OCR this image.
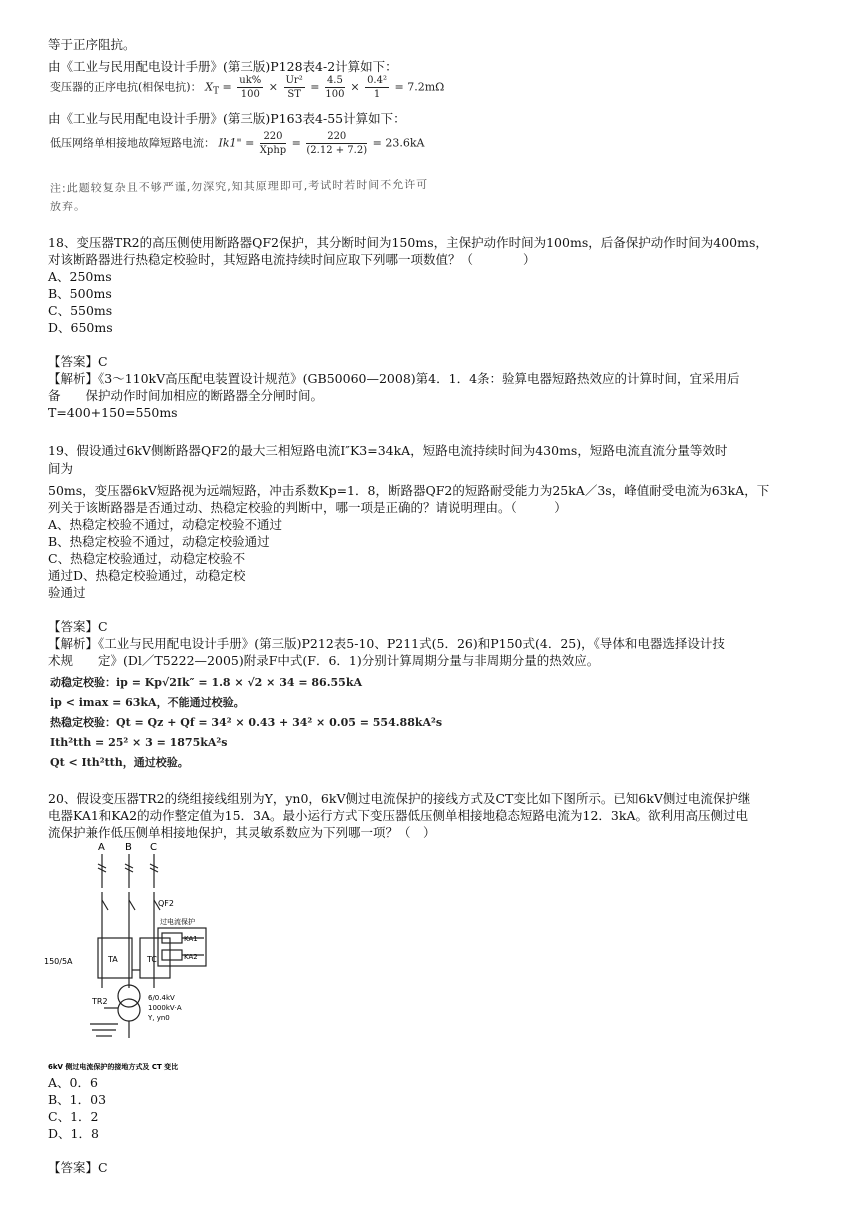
等于正序阻抗。
由《工业与民用配电设计手册》(第三版)P128表4-2计算如下：
变压器的正序电抗(相保电抗)： $X_T = \frac{uk\%}{100} \times \frac{\text{Ur²}}{ST} = \frac{4.5}{100} \times \frac{\text{0.4²}}{1} = 7.2m\Omega$
由《工业与民用配电设计手册》(第三版)P163表4-55计算如下：
低压网络单相接地故障短路电流： Ik1" = $\frac{220}{\text{Xphp}} = \frac{220}{(2.12 + 7.2)} = 23.6kA$
注:此题较复杂且不够严谨,勿深究,知其原理即可,考试时若时间不允许可
放弃。
18、变压器TR2的高压侧使用断路器QF2保护，其分断时间为150ms，主保护动作时间为100ms，后备保护动作时间为400ms，
对该断路器进行热稳定校验时，其短路电流持续时间应取下列哪一项数值？（　　　　）
A、250ms
B、500ms
C、550ms
D、650ms
【答案】C
【解析】《3～110kV高压配电装置设计规范》(GB50060—2008)第4．1．4条：验算电器短路热效应的计算时间，宜采用后
备　　保护动作时间加相应的断路器全分闸时间。
T=400+150=550ms
19、假设通过6kV侧断路器QF2的最大三相短路电流I″K3=34kA，短路电流持续时间为430ms，短路电流直流分量等效时
间为
50ms，变压器6kV短路视为远端短路，冲击系数Kp=1．8，断路器QF2的短路耐受能力为25kA／3s，峰值耐受电流为63kA，下
列关于该断路器是否通过动、热稳定校验的判断中，哪一项是正确的？请说明理由。（　　　）
A、热稳定校验不通过，动稳定校验不通过
B、热稳定校验不通过，动稳定校验通过
C、热稳定校验通过，动稳定校验不
通过D、热稳定校验通过，动稳定校
验通过
【答案】C
【解析】《工业与民用配电设计手册》(第三版)P212表5-10、P211式(5．26)和P150式(4．25)，《导体和电器选择设计技
术规　　定》(Dl／T5222—2005)附录F中式(F．6．1)分别计算周期分量与非周期分量的热效应。
动稳定校验：ip = Kp√2Ik″ = 1.8 × √2 × 34 = 86.55kA
ip < imax = 63kA，不能通过校验。
热稳定校验：Qt = Qz + Qf = 34² × 0.43 + 34² × 0.05 = 554.88kA²s
Ith²tth = 25² × 3 = 1875kA²s
Qt < Ith²tth，通过校验。
20、假设变压器TR2的绕组接线组别为Y，yn0，6kV侧过电流保护的接线方式及CT变比如下图所示。已知6kV侧过电流保护继
电器KA1和KA2的动作整定值为15．3A。最小运行方式下变压器低压侧单相接地稳态短路电流为12．3kA。欲利用高压侧过电
流保护兼作低压侧单相接地保护，其灵敏系数应为下列哪一项？（　）
A B C
QF2
过电流保护
KA1
KA2
150/5A	TA	TC
TR2	6/0.4kV
1000kV·A
Y, yn0
6kV 侧过电流保护的接地方式及 CT 变比
A、0．6
B、1．03
C、1．2
D、1．8
【答案】C
